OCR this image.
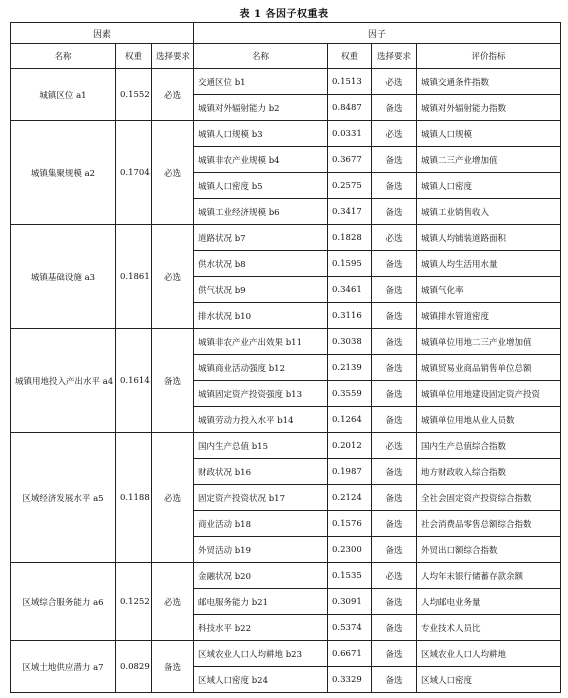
表 1 各因子权重表
因素			因子			
名称	权重	选择要求	名称	权重	选择要求	评价指标
城镇区位 a1	0.1552	必选	交通区位 b1	0.1513	必选	城镇交通条件指数
			城镇对外辐射能力 b2	0.8487	备选	城镇对外辐射能力指数
城镇集聚规模 a2	0.1704	必选	城镇人口规模 b3	0.0331	必选	城镇人口规模
			城镇非农产业规模 b4	0.3677	备选	城镇二三产业增加值
			城镇人口密度 b5	0.2575	备选	城镇人口密度
			城镇工业经济规模 b6	0.3417	备选	城镇工业销售收入
城镇基础设施 a3	0.1861	必选	道路状况 b7	0.1828	必选	城镇人均铺装道路面积
			供水状况 b8	0.1595	备选	城镇人均生活用水量
			供气状况 b9	0.3461	备选	城镇气化率
			排水状况 b10	0.3116	备选	城镇排水管道密度
城镇用地投入产出水平 a4	0.1614	备选	城镇非农产业产出效果 b11	0.3038	备选	城镇单位用地二三产业增加值
			城镇商业活动强度 b12	0.2139	备选	城镇贸易业商品销售单位总额
			城镇固定资产投资强度 b13	0.3559	备选	城镇单位用地建设固定资产投资
			城镇劳动力投入水平 b14	0.1264	备选	城镇单位用地从业人员数
区域经济发展水平 a5	0.1188	必选	国内生产总值 b15	0.2012	必选	国内生产总值综合指数
			财政状况 b16	0.1987	备选	地方财政收入综合指数
			固定资产投资状况 b17	0.2124	备选	全社会固定资产投资综合指数
			商业活动 b18	0.1576	备选	社会消费品零售总额综合指数
			外贸活动 b19	0.2300	备选	外贸出口额综合指数
区域综合服务能力 a6	0.1252	必选	金融状况 b20	0.1535	必选	人均年末银行储蓄存款余额
			邮电服务能力 b21	0.3091	备选	人均邮电业务量
			科技水平 b22	0.5374	备选	专业技术人员比
区域土地供应潜力 a7	0.0829	备选	区域农业人口人均耕地 b23	0.6671	备选	区域农业人口人均耕地
			区域人口密度 b24	0.3329	备选	区域人口密度
